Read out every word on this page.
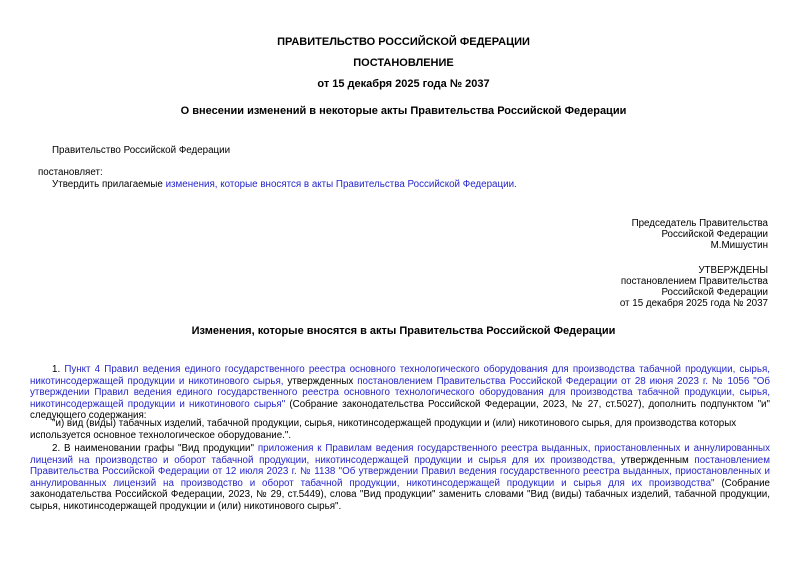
ПРАВИТЕЛЬСТВО РОССИЙСКОЙ ФЕДЕРАЦИИ
ПОСТАНОВЛЕНИЕ
от 15 декабря 2025 года № 2037
О внесении изменений в некоторые акты Правительства Российской Федерации
Правительство Российской Федерации
постановляет:
Утвердить прилагаемые изменения, которые вносятся в акты Правительства Российской Федерации.
Председатель Правительства
Российской Федерации
М.Мишустин
УТВЕРЖДЕНЫ
постановлением Правительства
Российской Федерации
от 15 декабря 2025 года № 2037
Изменения, которые вносятся в акты Правительства Российской Федерации
1. Пункт 4 Правил ведения единого государственного реестра основного технологического оборудования для производства табачной продукции, сырья, никотинсодержащей продукции и никотинового сырья, утвержденных постановлением Правительства Российской Федерации от 28 июня 2023 г. № 1056 "Об утверждении Правил ведения единого государственного реестра основного технологического оборудования для производства табачной продукции, сырья, никотинсодержащей продукции и никотинового сырья" (Собрание законодательства Российской Федерации, 2023, № 27, ст.5027), дополнить подпунктом "и" следующего содержания:
"и) вид (виды) табачных изделий, табачной продукции, сырья, никотинсодержащей продукции и (или) никотинового сырья, для производства которых используется основное технологическое оборудование.".
2. В наименовании графы "Вид продукции" приложения к Правилам ведения государственного реестра выданных, приостановленных и аннулированных лицензий на производство и оборот табачной продукции, никотинсодержащей продукции и сырья для их производства, утвержденным постановлением Правительства Российской Федерации от 12 июля 2023 г. № 1138 "Об утверждении Правил ведения государственного реестра выданных, приостановленных и аннулированных лицензий на производство и оборот табачной продукции, никотинсодержащей продукции и сырья для их производства" (Собрание законодательства Российской Федерации, 2023, № 29, ст.5449), слова "Вид продукции" заменить словами "Вид (виды) табачных изделий, табачной продукции, сырья, никотинсодержащей продукции и (или) никотинового сырья".
